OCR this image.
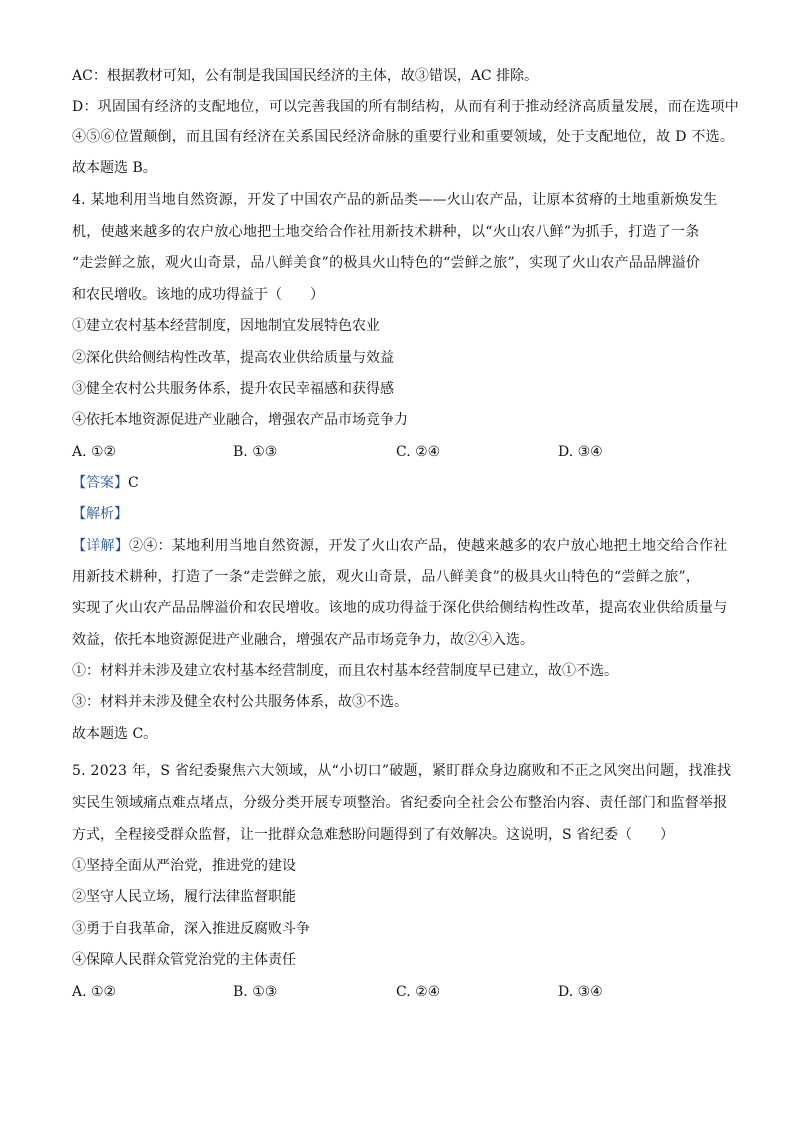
AC：根据教材可知，公有制是我国国民经济的主体，故③错误，AC 排除。
D：巩固国有经济的支配地位，可以完善我国的所有制结构，从而有利于推动经济高质量发展，而在选项中
④⑤⑥位置颠倒，而且国有经济在关系国民经济命脉的重要行业和重要领域，处于支配地位，故 D 不选。
故本题选 B。
4. 某地利用当地自然资源，开发了中国农产品的新品类——火山农产品，让原本贫瘠的土地重新焕发生
机，使越来越多的农户放心地把土地交给合作社用新技术耕种，以“火山农八鲜”为抓手，打造了一条
“走尝鲜之旅，观火山奇景，品八鲜美食”的极具火山特色的“尝鲜之旅”，实现了火山农产品品牌溢价
和农民增收。该地的成功得益于（　　）
①建立农村基本经营制度，因地制宜发展特色农业
②深化供给侧结构性改革，提高农业供给质量与效益
③健全农村公共服务体系，提升农民幸福感和获得感
④依托本地资源促进产业融合，增强农产品市场竞争力
A. ①②	B. ①③	C. ②④	D. ③④
【答案】C
【解析】
【详解】②④：某地利用当地自然资源，开发了火山农产品，使越来越多的农户放心地把土地交给合作社
用新技术耕种，打造了一条“走尝鲜之旅，观火山奇景，品八鲜美食”的极具火山特色的“尝鲜之旅”，
实现了火山农产品品牌溢价和农民增收。该地的成功得益于深化供给侧结构性改革，提高农业供给质量与
效益，依托本地资源促进产业融合，增强农产品市场竞争力，故②④入选。
①：材料并未涉及建立农村基本经营制度，而且农村基本经营制度早已建立，故①不选。
③：材料并未涉及健全农村公共服务体系，故③不选。
故本题选 C。
5. 2023 年，S 省纪委聚焦六大领域，从“小切口”破题，紧盯群众身边腐败和不正之风突出问题，找准找
实民生领域痛点难点堵点，分级分类开展专项整治。省纪委向全社会公布整治内容、责任部门和监督举报
方式，全程接受群众监督，让一批群众急难愁盼问题得到了有效解决。这说明，S 省纪委（　　）
①坚持全面从严治党，推进党的建设
②坚守人民立场，履行法律监督职能
③勇于自我革命，深入推进反腐败斗争
④保障人民群众管党治党的主体责任
A. ①②	B. ①③	C. ②④	D. ③④
